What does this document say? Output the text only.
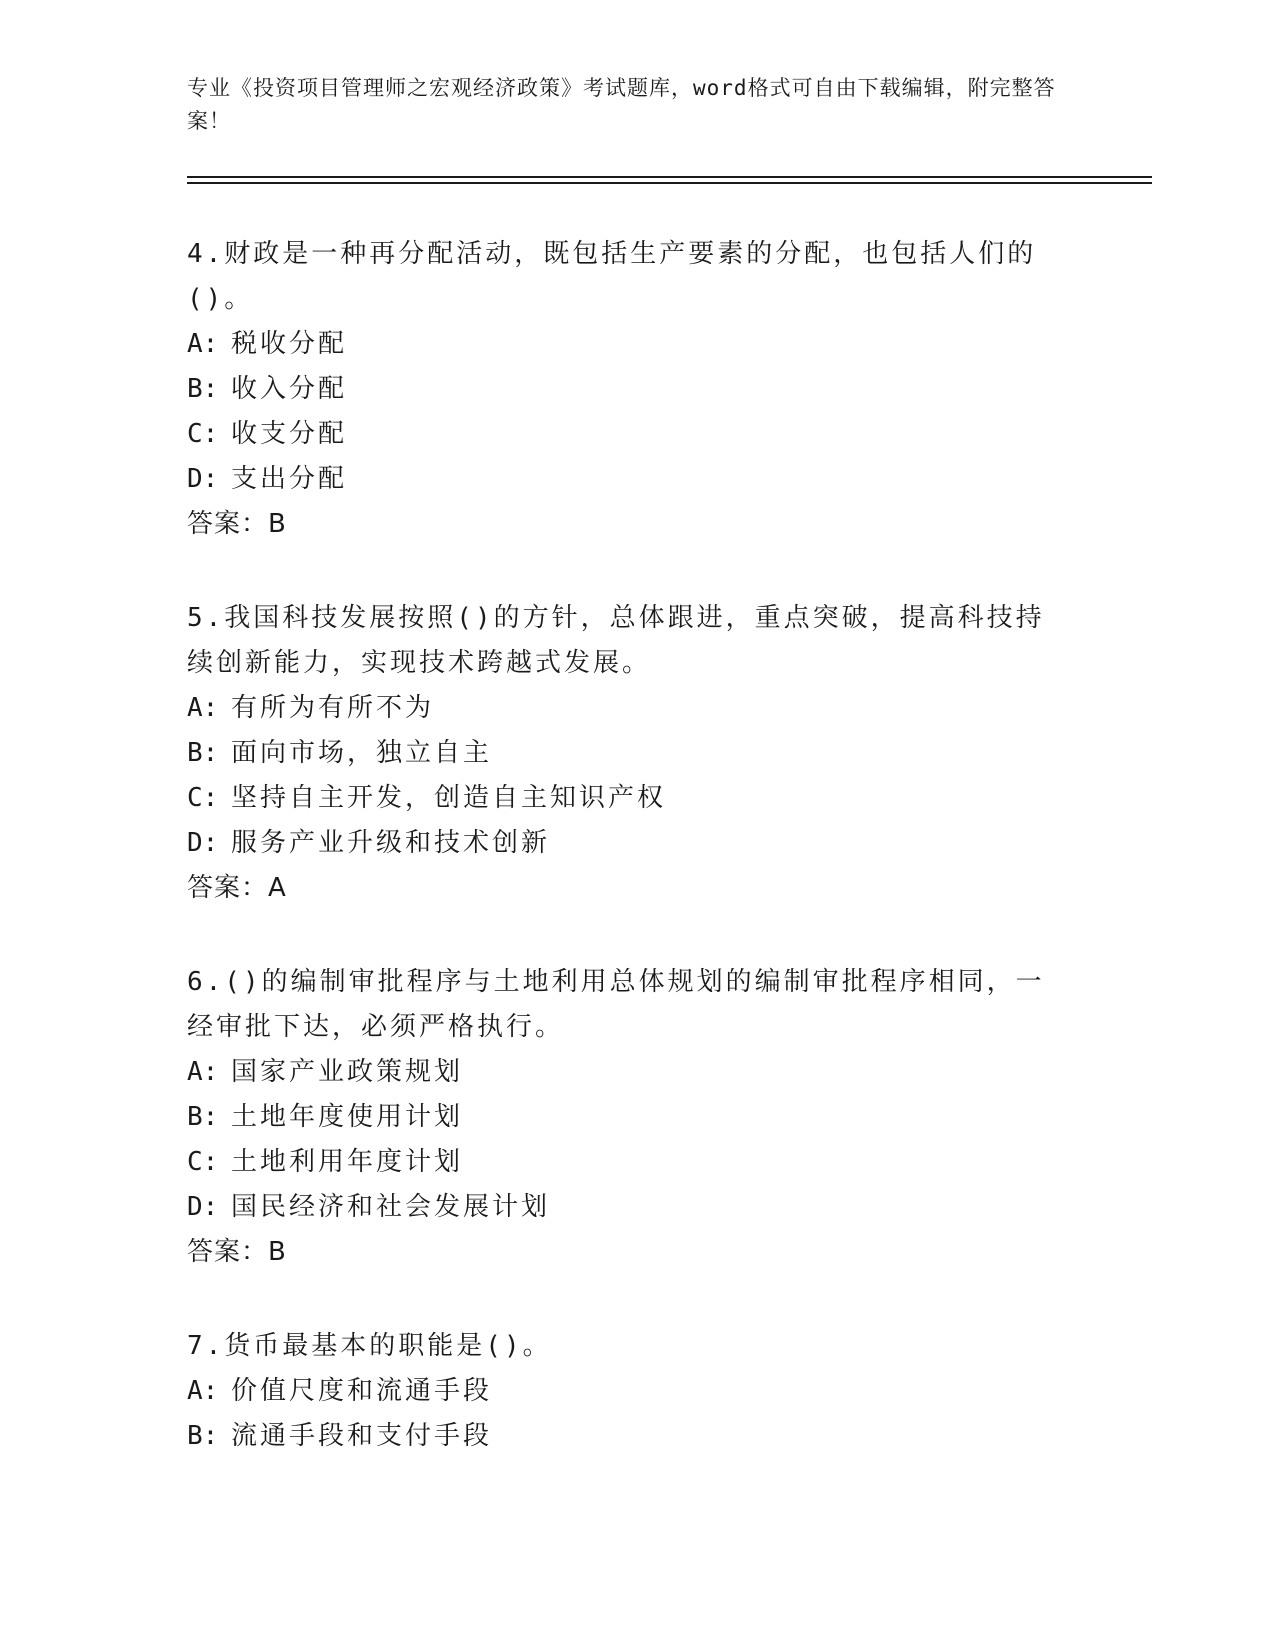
专业《投资项目管理师之宏观经济政策》考试题库，word格式可自由下载编辑，附完整答案！

4.财政是一种再分配活动，既包括生产要素的分配，也包括人们的()。

A: 税收分配

B: 收入分配

C: 收支分配

D: 支出分配

答案：B

5.我国科技发展按照()的方针，总体跟进，重点突破，提高科技持续创新能力，实现技术跨越式发展。

A: 有所为有所不为

B: 面向市场，独立自主

C: 坚持自主开发，创造自主知识产权

D: 服务产业升级和技术创新

答案：A

6.()的编制审批程序与土地利用总体规划的编制审批程序相同，一经审批下达，必须严格执行。

A: 国家产业政策规划

B: 土地年度使用计划

C: 土地利用年度计划

D: 国民经济和社会发展计划

答案：B

7.货币最基本的职能是()。

A: 价值尺度和流通手段

B: 流通手段和支付手段
